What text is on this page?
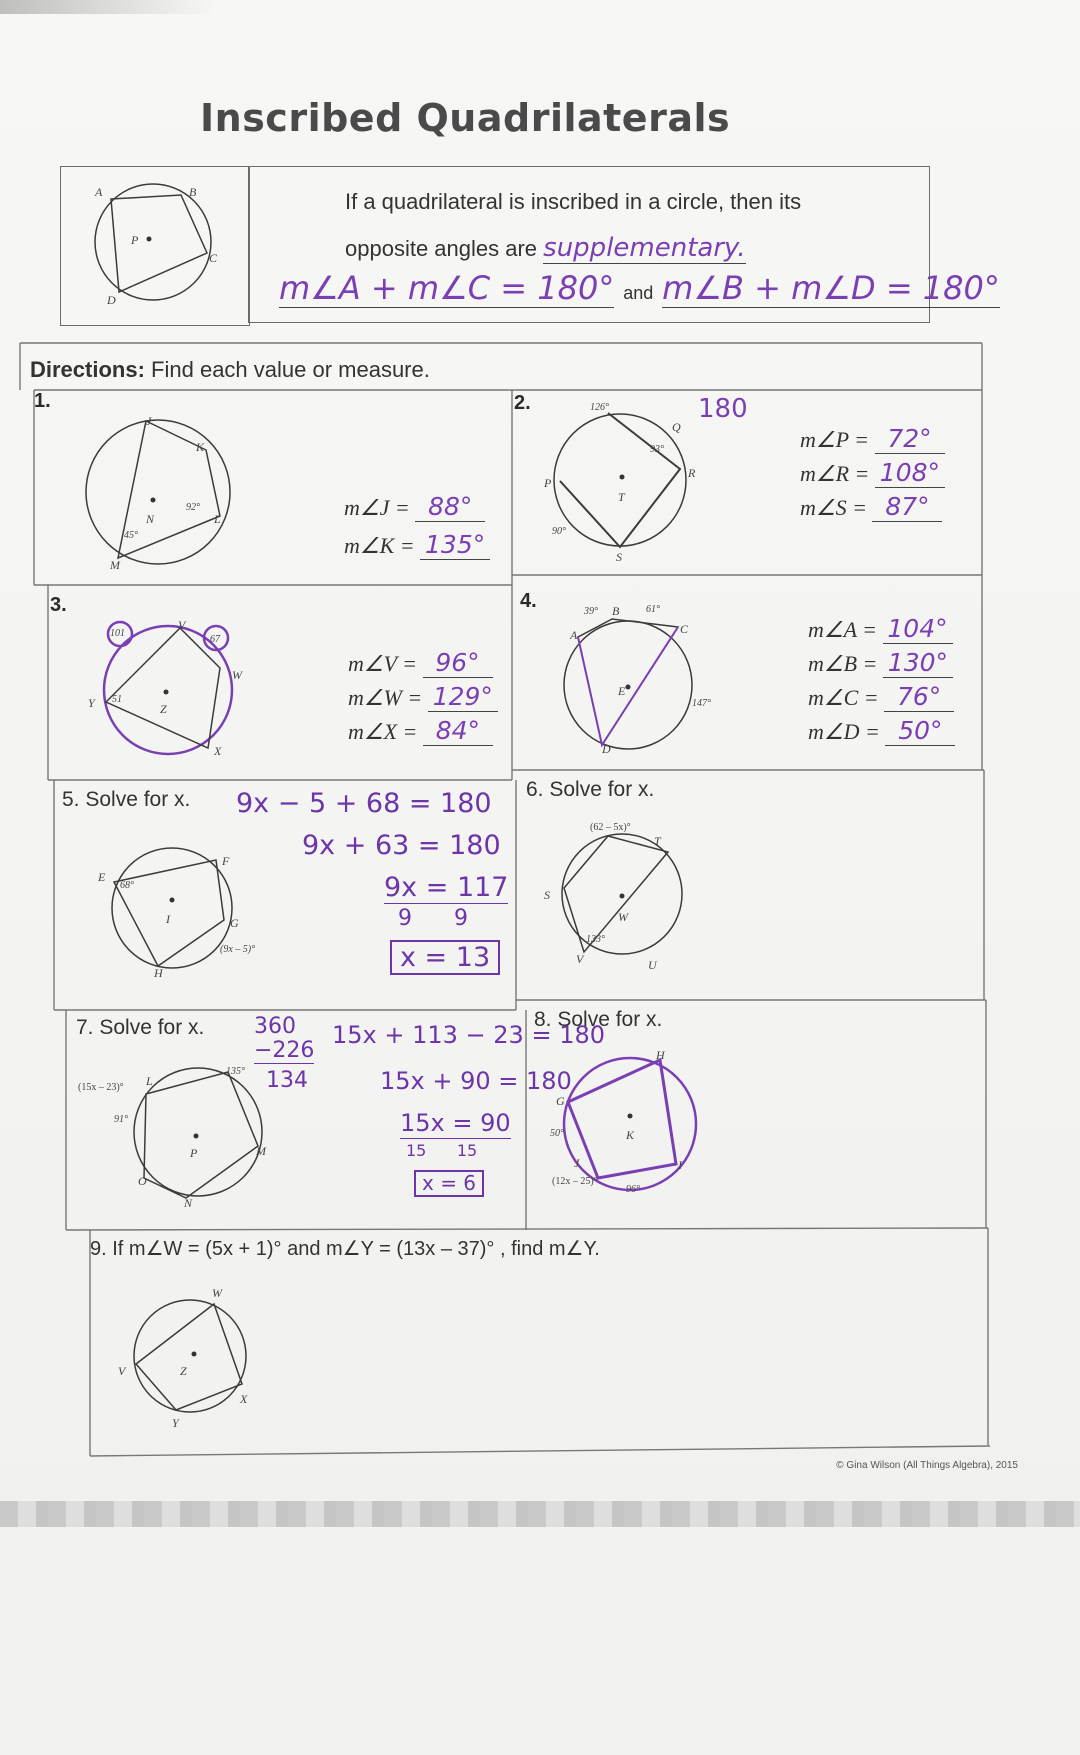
Inscribed Quadrilaterals
A	B
C
D
P
If a quadrilateral is inscribed in a circle, then its
opposite angles are supplementary.
m∠A + m∠C = 180° and m∠B + m∠D = 180°
Directions: Find each value or measure.
1.
J
K
L
M
N
92°
45°
m∠J = 88°
m∠K = 135°
2.	126°
Q
93°
R
P
T
90°
S
180
m∠P = 72°
m∠R = 108°
m∠S = 87°
3.
101
V
67
W
Y 51
Z
X
m∠V = 96°
m∠W = 129°
m∠X = 84°
4.	39° B	61°
A	C
E
147°
D
m∠A = 104°
m∠B = 130°
m∠C = 76°
m∠D = 50°
5. Solve for x.
E
68°
F
I	G
(9x – 5)°
H
9x − 5 + 68 = 180
9x + 63 = 180
9x = 117
9      9
x = 13
6. Solve for x.
(62 – 5x)°
T
S
W
133°
V	U
7. Solve for x.
(15x – 23)° L
135°
M
91°
P
O
N
360
−226
134
15x + 113 − 23 = 180
15x + 90 = 180
15x = 90
15      15
x = 6
8. Solve for x.
H
G
50°	K
J	I
(12x – 25)°
96°
9. If m∠W = (5x + 1)° and m∠Y = (13x – 37)° , find m∠Y.
W
V	Z
X
Y
© Gina Wilson (All Things Algebra), 2015
